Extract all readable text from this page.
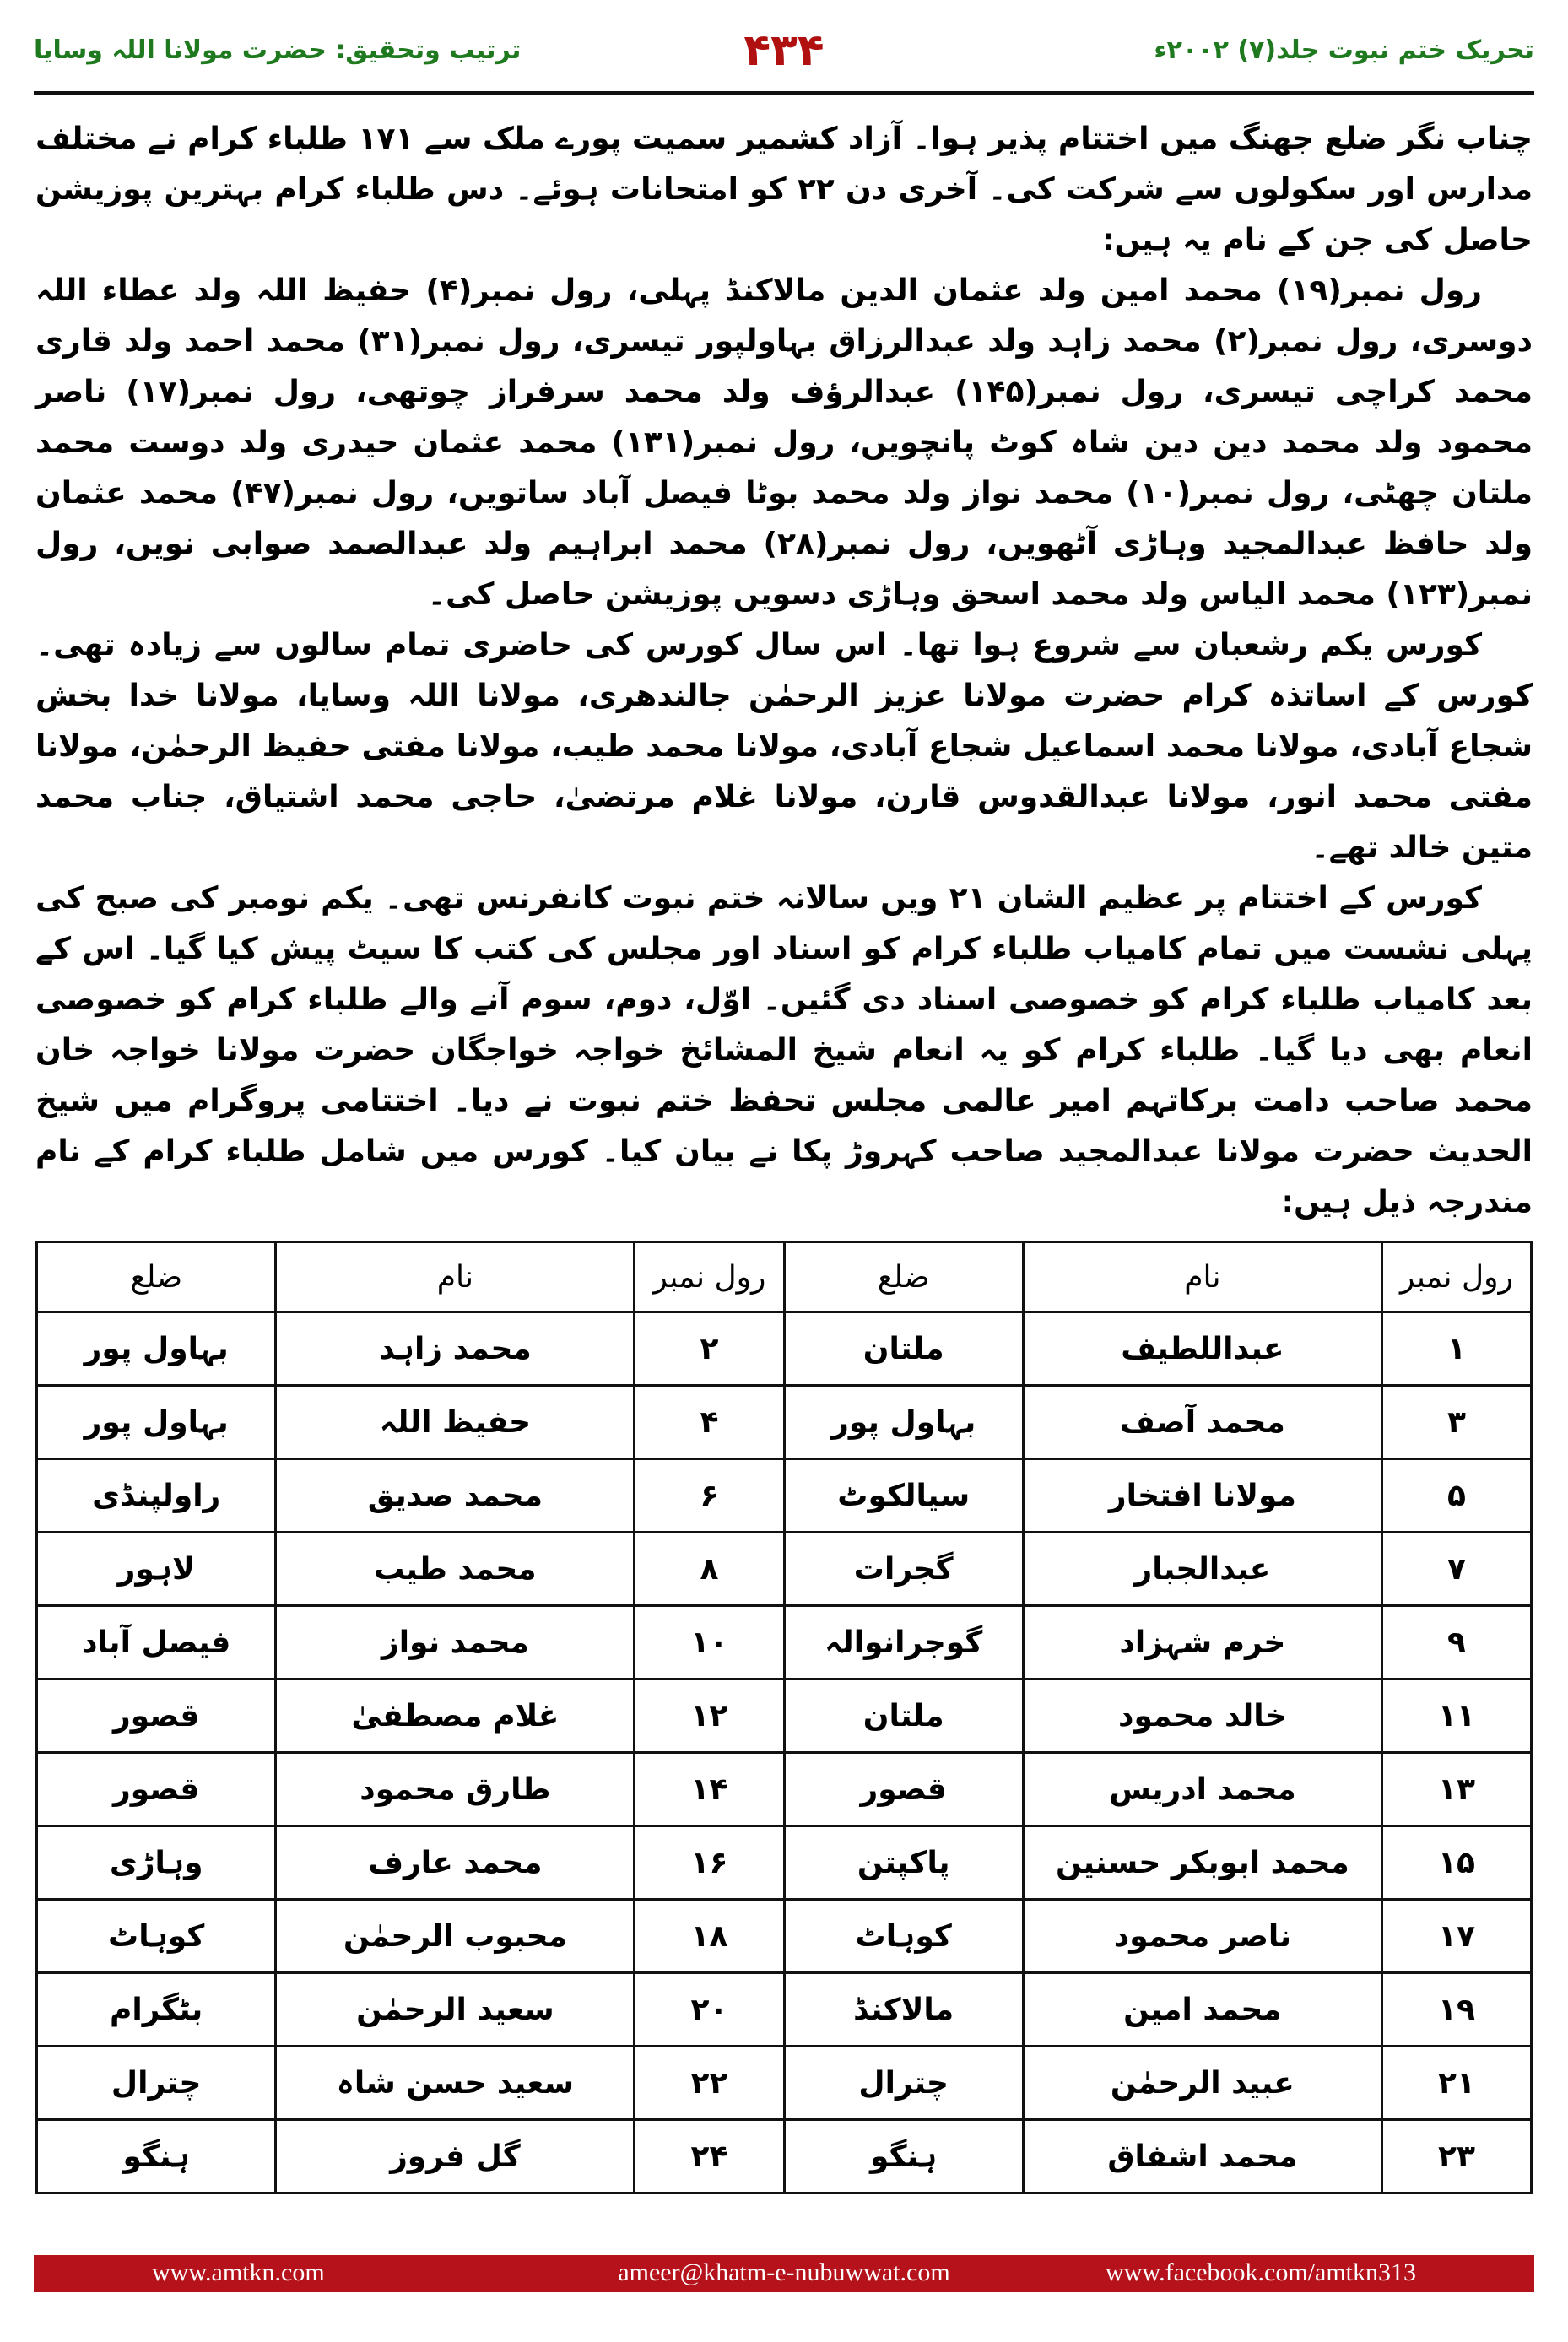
تحریک ختم نبوت جلد(۷) ۲۰۰۲ء
۴۳۴
ترتیب وتحقیق: حضرت مولانا اللہ وسایا

چناب نگر ضلع جھنگ میں اختتام پذیر ہوا۔ آزاد کشمیر سمیت پورے ملک سے ۱۷۱ طلباء کرام نے مختلف مدارس اور سکولوں سے شرکت کی۔ آخری دن ۲۲ کو امتحانات ہوئے۔ دس طلباء کرام بہترین پوزیشن حاصل کی جن کے نام یہ ہیں:

رول نمبر(۱۹) محمد امین ولد عثمان الدین مالاکنڈ پہلی، رول نمبر(۴) حفیظ اللہ ولد عطاء اللہ دوسری، رول نمبر(۲) محمد زاہد ولد عبدالرزاق بہاولپور تیسری، رول نمبر(۳۱) محمد احمد ولد قاری محمد کراچی تیسری، رول نمبر(۱۴۵) عبدالرؤف ولد محمد سرفراز چوتھی، رول نمبر(۱۷) ناصر محمود ولد محمد دین دین شاہ کوٹ پانچویں، رول نمبر(۱۳۱) محمد عثمان حیدری ولد دوست محمد ملتان چھٹی، رول نمبر(۱۰) محمد نواز ولد محمد بوٹا فیصل آباد ساتویں، رول نمبر(۴۷) محمد عثمان ولد حافظ عبدالمجید وہاڑی آٹھویں، رول نمبر(۲۸) محمد ابراہیم ولد عبدالصمد صوابی نویں، رول نمبر(۱۲۳) محمد الیاس ولد محمد اسحق وہاڑی دسویں پوزیشن حاصل کی۔

کورس یکم رشعبان سے شروع ہوا تھا۔ اس سال کورس کی حاضری تمام سالوں سے زیادہ تھی۔ کورس کے اساتذہ کرام حضرت مولانا عزیز الرحمٰن جالندھری، مولانا اللہ وسایا، مولانا خدا بخش شجاع آبادی، مولانا محمد اسماعیل شجاع آبادی، مولانا محمد طیب، مولانا مفتی حفیظ الرحمٰن، مولانا مفتی محمد انور، مولانا عبدالقدوس قارن، مولانا غلام مرتضیٰ، حاجی محمد اشتیاق، جناب محمد متین خالد تھے۔

کورس کے اختتام پر عظیم الشان ۲۱ ویں سالانہ ختم نبوت کانفرنس تھی۔ یکم نومبر کی صبح کی پہلی نشست میں تمام کامیاب طلباء کرام کو اسناد اور مجلس کی کتب کا سیٹ پیش کیا گیا۔ اس کے بعد کامیاب طلباء کرام کو خصوصی اسناد دی گئیں۔ اوّل، دوم، سوم آنے والے طلباء کرام کو خصوصی انعام بھی دیا گیا۔ طلباء کرام کو یہ انعام شیخ المشائخ خواجہ خواجگان حضرت مولانا خواجہ خان محمد صاحب دامت برکاتہم امیر عالمی مجلس تحفظ ختم نبوت نے دیا۔ اختتامی پروگرام میں شیخ الحدیث حضرت مولانا عبدالمجید صاحب کہروڑ پکا نے بیان کیا۔ کورس میں شامل طلباء کرام کے نام مندرجہ ذیل ہیں:

رول نمبر	نام	ضلع	رول نمبر	نام	ضلع
۱	عبداللطیف	ملتان	۲	محمد زاہد	بہاول پور
۳	محمد آصف	بہاول پور	۴	حفیظ اللہ	بہاول پور
۵	مولانا افتخار	سیالکوٹ	۶	محمد صدیق	راولپنڈی
۷	عبدالجبار	گجرات	۸	محمد طیب	لاہور
۹	خرم شہزاد	گوجرانوالہ	۱۰	محمد نواز	فیصل آباد
۱۱	خالد محمود	ملتان	۱۲	غلام مصطفیٰ	قصور
۱۳	محمد ادریس	قصور	۱۴	طارق محمود	قصور
۱۵	محمد ابوبکر حسنین	پاکپتن	۱۶	محمد عارف	وہاڑی
۱۷	ناصر محمود	کوہاٹ	۱۸	محبوب الرحمٰن	کوہاٹ
۱۹	محمد امین	مالاکنڈ	۲۰	سعید الرحمٰن	بٹگرام
۲۱	عبید الرحمٰن	چترال	۲۲	سعید حسن شاہ	چترال
۲۳	محمد اشفاق	ہنگو	۲۴	گل فروز	ہنگو
www.amtkn.com	ameer@khatm-e-nubuwwat.com	www.facebook.com/amtkn313
